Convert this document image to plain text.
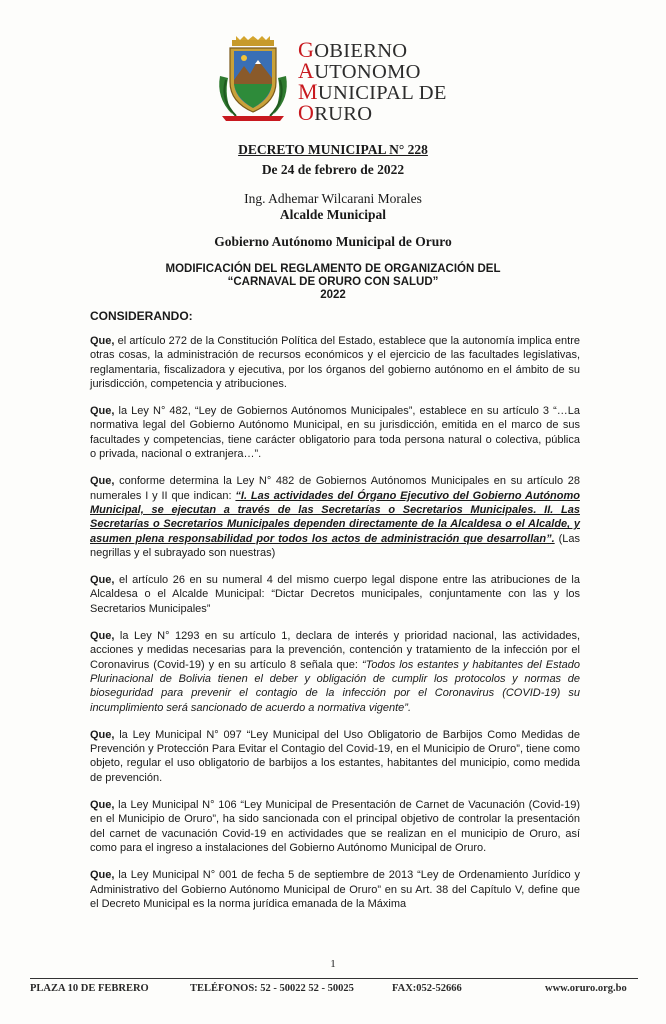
GOBIERNO
AUTONOMO
MUNICIPAL DE
ORURO
DECRETO MUNICIPAL N° 228
De 24 de febrero de 2022
Ing. Adhemar Wilcarani Morales
Alcalde Municipal
Gobierno Autónomo Municipal de Oruro
MODIFICACIÓN DEL REGLAMENTO DE ORGANIZACIÓN DEL
“CARNAVAL DE ORURO CON SALUD”
2022
CONSIDERANDO:

Que, el artículo 272 de la Constitución Política del Estado, establece que la autonomía implica entre otras cosas, la administración de recursos económicos y el ejercicio de las facultades legislativas, reglamentaria, fiscalizadora y ejecutiva, por los órganos del gobierno autónomo en el ámbito de su jurisdicción, competencia y atribuciones.

Que, la Ley N° 482, “Ley de Gobiernos Autónomos Municipales”, establece en su artículo 3 “…La normativa legal del Gobierno Autónomo Municipal, en su jurisdicción, emitida en el marco de sus facultades y competencias, tiene carácter obligatorio para toda persona natural o colectiva, pública o privada, nacional o extranjera…”.

Que, conforme determina la Ley N° 482 de Gobiernos Autónomos Municipales en su artículo 28 numerales I y II que indican: “I. Las actividades del Órgano Ejecutivo del Gobierno Autónomo Municipal, se ejecutan a través de las Secretarías o Secretarios Municipales. II. Las Secretarías o Secretarios Municipales dependen directamente de la Alcaldesa o el Alcalde, y asumen plena responsabilidad por todos los actos de administración que desarrollan”. (Las negrillas y el subrayado son nuestras)

Que, el artículo 26 en su numeral 4 del mismo cuerpo legal dispone entre las atribuciones de la Alcaldesa o el Alcalde Municipal: “Dictar Decretos municipales, conjuntamente con las y los Secretarios Municipales”

Que, la Ley N° 1293 en su artículo 1, declara de interés y prioridad nacional, las actividades, acciones y medidas necesarias para la prevención, contención y tratamiento de la infección por el Coronavirus (Covid-19) y en su artículo 8 señala que: “Todos los estantes y habitantes del Estado Plurinacional de Bolivia tienen el deber y obligación de cumplir los protocolos y normas de bioseguridad para prevenir el contagio de la infección por el Coronavirus (COVID-19) su incumplimiento será sancionado de acuerdo a normativa vigente”.

Que, la Ley Municipal N° 097 “Ley Municipal del Uso Obligatorio de Barbijos Como Medidas de Prevención y Protección Para Evitar el Contagio del Covid-19, en el Municipio de Oruro”, tiene como objeto, regular el uso obligatorio de barbijos a los estantes, habitantes del municipio, como medida de prevención.

Que, la Ley Municipal N° 106 “Ley Municipal de Presentación de Carnet de Vacunación (Covid-19) en el Municipio de Oruro”, ha sido sancionada con el principal objetivo de controlar la presentación del carnet de vacunación Covid-19 en actividades que se realizan en el municipio de Oruro, así como para el ingreso a instalaciones del Gobierno Autónomo Municipal de Oruro.

Que, la Ley Municipal N° 001 de fecha 5 de septiembre de 2013 “Ley de Ordenamiento Jurídico y Administrativo del Gobierno Autónomo Municipal de Oruro” en su Art. 38 del Capítulo V, define que el Decreto Municipal es la norma jurídica emanada de la Máxima

1
PLAZA 10 DE FEBRERO	TELÉFONOS: 52 - 50022 52 - 50025	FAX:052-52666	www.oruro.org.bo
